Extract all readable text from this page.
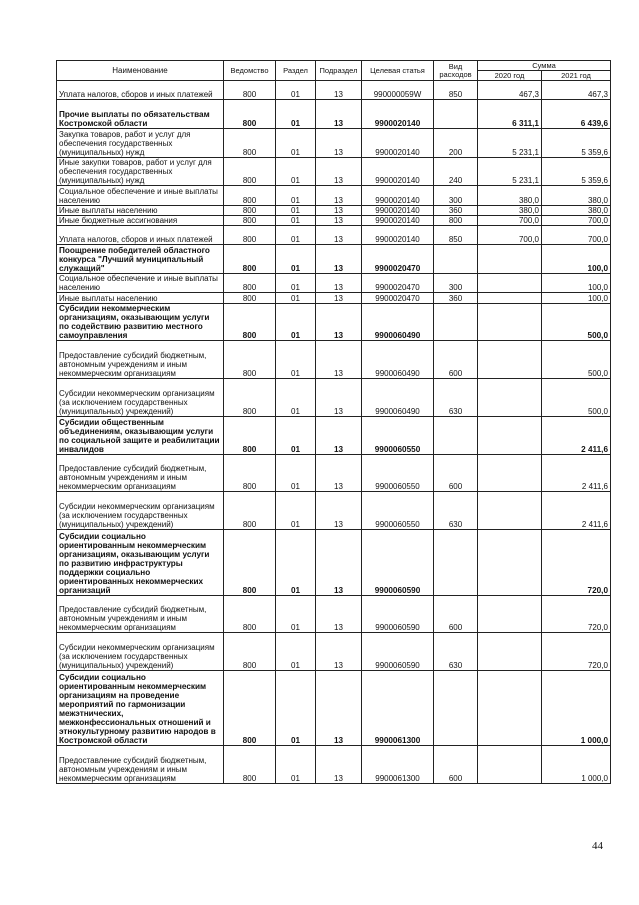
Наименование	Ведомство	Раздел	Подраздел	Целевая статья	Вид расходов	Сумма	
						2020 год	2021 год
Уплата налогов, сборов и иных платежей	800	01	13	990000059W	850	467,3	467,3
Прочие выплаты по обязательствам Костромской области	800	01	13	9900020140		6 311,1	6 439,6
Закупка товаров, работ и услуг для обеспечения государственных (муниципальных) нужд	800	01	13	9900020140	200	5 231,1	5 359,6
Иные закупки товаров, работ и услуг для обеспечения государственных (муниципальных) нужд	800	01	13	9900020140	240	5 231,1	5 359,6
Социальное обеспечение и иные выплаты населению	800	01	13	9900020140	300	380,0	380,0
Иные выплаты населению	800	01	13	9900020140	360	380,0	380,0
Иные бюджетные ассигнования	800	01	13	9900020140	800	700,0	700,0
Уплата налогов, сборов и иных платежей	800	01	13	9900020140	850	700,0	700,0
Поощрение победителей областного конкурса "Лучший муниципальный служащий"	800	01	13	9900020470			100,0
Социальное обеспечение и иные выплаты населению	800	01	13	9900020470	300		100,0
Иные выплаты населению	800	01	13	9900020470	360		100,0
Субсидии некоммерческим организациям, оказывающим услуги по содействию развитию местного самоуправления	800	01	13	9900060490			500,0
Предоставление субсидий бюджетным, автономным учреждениям и иным некоммерческим организациям	800	01	13	9900060490	600		500,0
Субсидии некоммерческим организациям (за исключением государственных (муниципальных) учреждений)	800	01	13	9900060490	630		500,0
Субсидии общественным объединениям, оказывающим услуги по социальной защите и реабилитации инвалидов	800	01	13	9900060550			2 411,6
Предоставление субсидий бюджетным, автономным учреждениям и иным некоммерческим организациям	800	01	13	9900060550	600		2 411,6
Субсидии некоммерческим организациям (за исключением государственных (муниципальных) учреждений)	800	01	13	9900060550	630		2 411,6
Субсидии социально ориентированным некоммерческим организациям, оказывающим услуги по развитию инфраструктуры поддержки социально ориентированных некоммерческих организаций	800	01	13	9900060590			720,0
Предоставление субсидий бюджетным, автономным учреждениям и иным некоммерческим организациям	800	01	13	9900060590	600		720,0
Субсидии некоммерческим организациям (за исключением государственных (муниципальных) учреждений)	800	01	13	9900060590	630		720,0
Субсидии социально ориентированным некоммерческим организациям на проведение мероприятий по гармонизации межэтнических, межконфессиональных отношений и этнокультурному развитию народов в Костромской области	800	01	13	9900061300			1 000,0
Предоставление субсидий бюджетным, автономным учреждениям и иным некоммерческим организациям	800	01	13	9900061300	600		1 000,0
44
